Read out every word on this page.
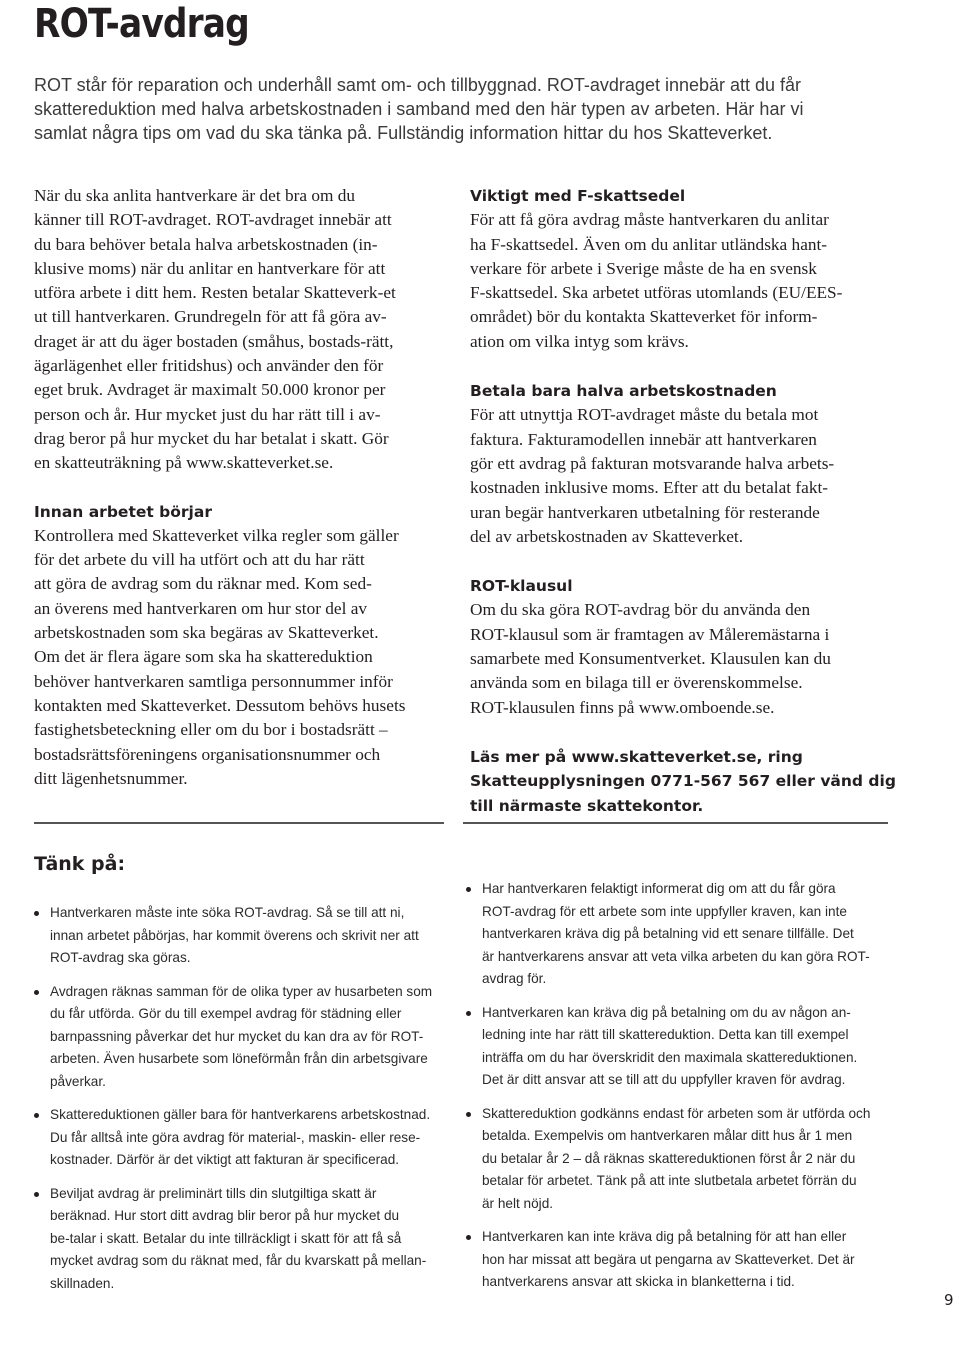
ROT-avdrag
ROT står för reparation och underhåll samt om- och tillbyggnad. ROT-avdraget innebär att du får
skattereduktion med halva arbetskostnaden i samband med den här typen av arbeten. Här har vi
samlat några tips om vad du ska tänka på. Fullständig information hittar du hos Skatteverket.
När du ska anlita hantverkare är det bra om du
känner till ROT-avdraget. ROT-avdraget innebär att
du bara behöver betala halva arbetskostnaden (in-
klusive moms) när du anlitar en hantverkare för att
utföra arbete i ditt hem. Resten betalar Skatteverk-et
ut till hantverkaren. Grundregeln för att få göra av-
draget är att du äger bostaden (småhus, bostads-rätt,
ägarlägenhet eller fritidshus) och använder den för
eget bruk. Avdraget är maximalt 50.000 kronor per
person och år. Hur mycket just du har rätt till i av-
drag beror på hur mycket du har betalat i skatt. Gör
en skatteuträkning på www.skatteverket.se.
Innan arbetet börjar
Kontrollera med Skatteverket vilka regler som gäller
för det arbete du vill ha utfört och att du har rätt
att göra de avdrag som du räknar med. Kom sed-
an överens med hantverkaren om hur stor del av
arbetskostnaden som ska begäras av Skatteverket.
Om det är flera ägare som ska ha skattereduktion
behöver hantverkaren samtliga personnummer inför
kontakten med Skatteverket. Dessutom behövs husets
fastighetsbeteckning eller om du bor i bostadsrätt –
bostadsrättsföreningens organisationsnummer och
ditt lägenhetsnummer.
Viktigt med F-skattsedel
För att få göra avdrag måste hantverkaren du anlitar
ha F-skattsedel. Även om du anlitar utländska hant-
verkare för arbete i Sverige måste de ha en svensk
F-skattsedel. Ska arbetet utföras utomlands (EU/EES-
området) bör du kontakta Skatteverket för inform-
ation om vilka intyg som krävs.
Betala bara halva arbetskostnaden
För att utnyttja ROT-avdraget måste du betala mot
faktura. Fakturamodellen innebär att hantverkaren
gör ett avdrag på fakturan motsvarande halva arbets-
kostnaden inklusive moms. Efter att du betalat fakt-
uran begär hantverkaren utbetalning för resterande
del av arbetskostnaden av Skatteverket.
ROT-klausul
Om du ska göra ROT-avdrag bör du använda den
ROT-klausul som är framtagen av Måleremästarna i
samarbete med Konsumentverket. Klausulen kan du
använda som en bilaga till er överenskommelse.
ROT-klausulen finns på www.omboende.se.
Läs mer på www.skatteverket.se, ring
Skatteupplysningen 0771-567 567 eller vänd dig
till närmaste skattekontor.
Tänk på:
Hantverkaren måste inte söka ROT-avdrag. Så se till att ni,
innan arbetet påbörjas, har kommit överens och skrivit ner att
ROT-avdrag ska göras.
Avdragen räknas samman för de olika typer av husarbeten som
du får utförda. Gör du till exempel avdrag för städning eller
barnpassning påverkar det hur mycket du kan dra av för ROT-
arbeten. Även husarbete som löneförmån från din arbetsgivare
påverkar.
Skattereduktionen gäller bara för hantverkarens arbetskostnad.
Du får alltså inte göra avdrag för material-, maskin- eller rese-
kostnader. Därför är det viktigt att fakturan är specificerad.
Beviljat avdrag är preliminärt tills din slutgiltiga skatt är
beräknad. Hur stort ditt avdrag blir beror på hur mycket du
be-talar i skatt. Betalar du inte tillräckligt i skatt för att få så
mycket avdrag som du räknat med, får du kvarskatt på mellan-
skillnaden.
Har hantverkaren felaktigt informerat dig om att du får göra
ROT-avdrag för ett arbete som inte uppfyller kraven, kan inte
hantverkaren kräva dig på betalning vid ett senare tillfälle. Det
är hantverkarens ansvar att veta vilka arbeten du kan göra ROT-
avdrag för.
Hantverkaren kan kräva dig på betalning om du av någon an-
ledning inte har rätt till skattereduktion. Detta kan till exempel
inträffa om du har överskridit den maximala skattereduktionen.
Det är ditt ansvar att se till att du uppfyller kraven för avdrag.
Skattereduktion godkänns endast för arbeten som är utförda och
betalda. Exempelvis om hantverkaren målar ditt hus år 1 men
du betalar år 2 – då räknas skattereduktionen först år 2 när du
betalar för arbetet. Tänk på att inte slutbetala arbetet förrän du
är helt nöjd.
Hantverkaren kan inte kräva dig på betalning för att han eller
hon har missat att begära ut pengarna av Skatteverket. Det är
hantverkarens ansvar att skicka in blanketterna i tid.
9
